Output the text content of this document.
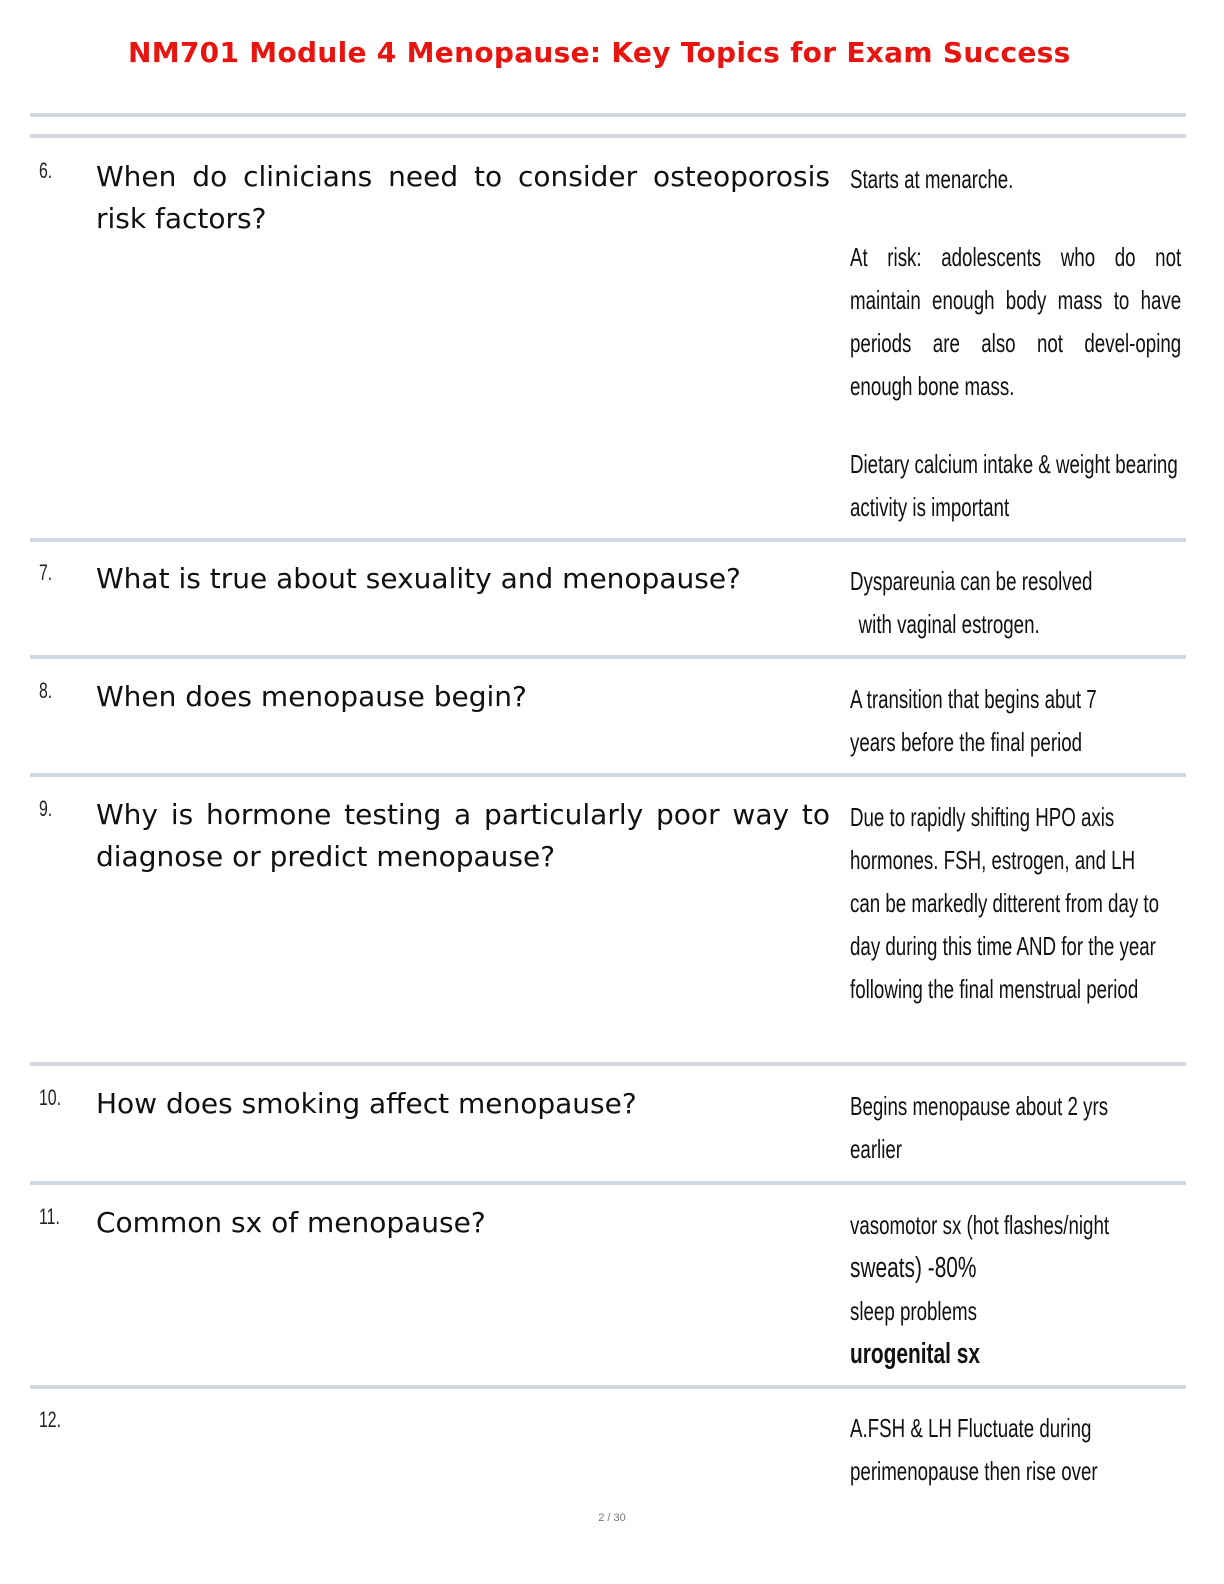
NM701 Module 4 Menopause: Key Topics for Exam Success
6. When do clinicians need to consider osteoporosis risk factors?

Starts at menarche.

At risk: adolescents who do not maintain enough body mass to have periods are also not devel-oping enough bone mass.

Dietary calcium intake & weight bearing activity is important

7. What is true about sexuality and menopause?	Dyspareunia can be resolved
with vaginal estrogen.
8. When does menopause begin?	A transition that begins abut 7 years before the final period
9. Why is hormone testing a particularly poor way to diagnose or predict menopause?
Due to rapidly shifting HPO axis hormones. FSH, estrogen, and LH can be markedly ditterent from day to day during this time AND for the year following the final menstrual period
10. How does smoking affect menopause?	Begins menopause about 2 yrs earlier
11. Common sx of menopause?	vasomotor sx (hot flashes/night
sweats) -80%
sleep problems
urogenital sx
12.	A.FSH & LH Fluctuate during perimenopause then rise over
2 / 30
